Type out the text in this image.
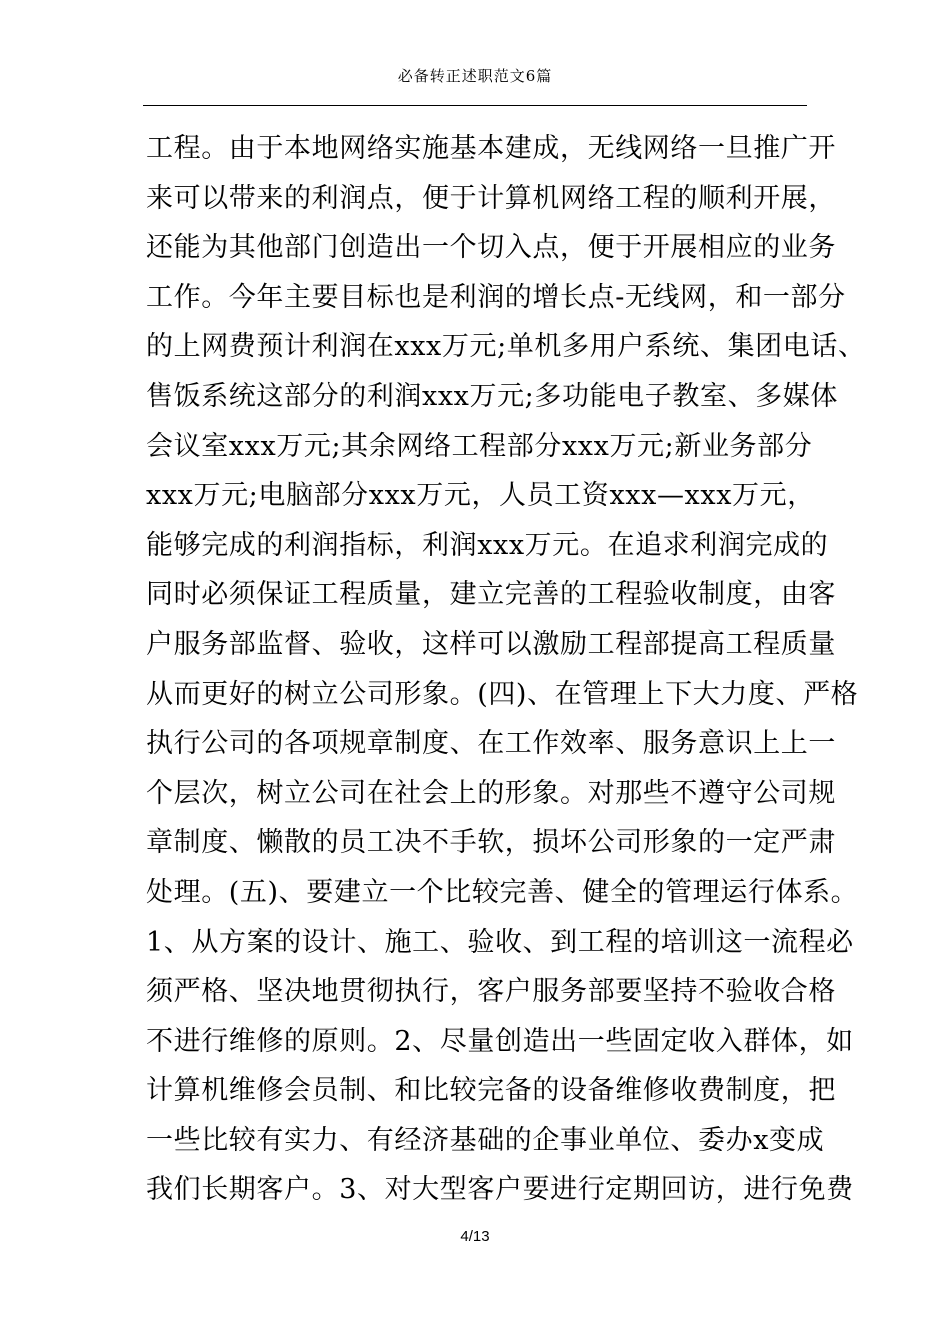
必备转正述职范文6篇
工程。由于本地网络实施基本建成，无线网络一旦推广开
来可以带来的利润点，便于计算机网络工程的顺利开展，
还能为其他部门创造出一个切入点，便于开展相应的业务
工作。今年主要目标也是利润的增长点-无线网，和一部分
的上网费预计利润在xxx万元;单机多用户系统、集团电话、
售饭系统这部分的利润xxx万元;多功能电子教室、多媒体
会议室xxx万元;其余网络工程部分xxx万元;新业务部分
xxx万元;电脑部分xxx万元，人员工资xxx—xxx万元，
能够完成的利润指标，利润xxx万元。在追求利润完成的
同时必须保证工程质量，建立完善的工程验收制度，由客
户服务部监督、验收，这样可以激励工程部提高工程质量
从而更好的树立公司形象。(四)、在管理上下大力度、严格
执行公司的各项规章制度、在工作效率、服务意识上上一
个层次，树立公司在社会上的形象。对那些不遵守公司规
章制度、懒散的员工决不手软，损坏公司形象的一定严肃
处理。(五)、要建立一个比较完善、健全的管理运行体系。
1、从方案的设计、施工、验收、到工程的培训这一流程必
须严格、坚决地贯彻执行，客户服务部要坚持不验收合格
不进行维修的原则。2、尽量创造出一些固定收入群体，如
计算机维修会员制、和比较完备的设备维修收费制度，把
一些比较有实力、有经济基础的企事业单位、委办x变成
我们长期客户。3、对大型客户要进行定期回访，进行免费
4/13
